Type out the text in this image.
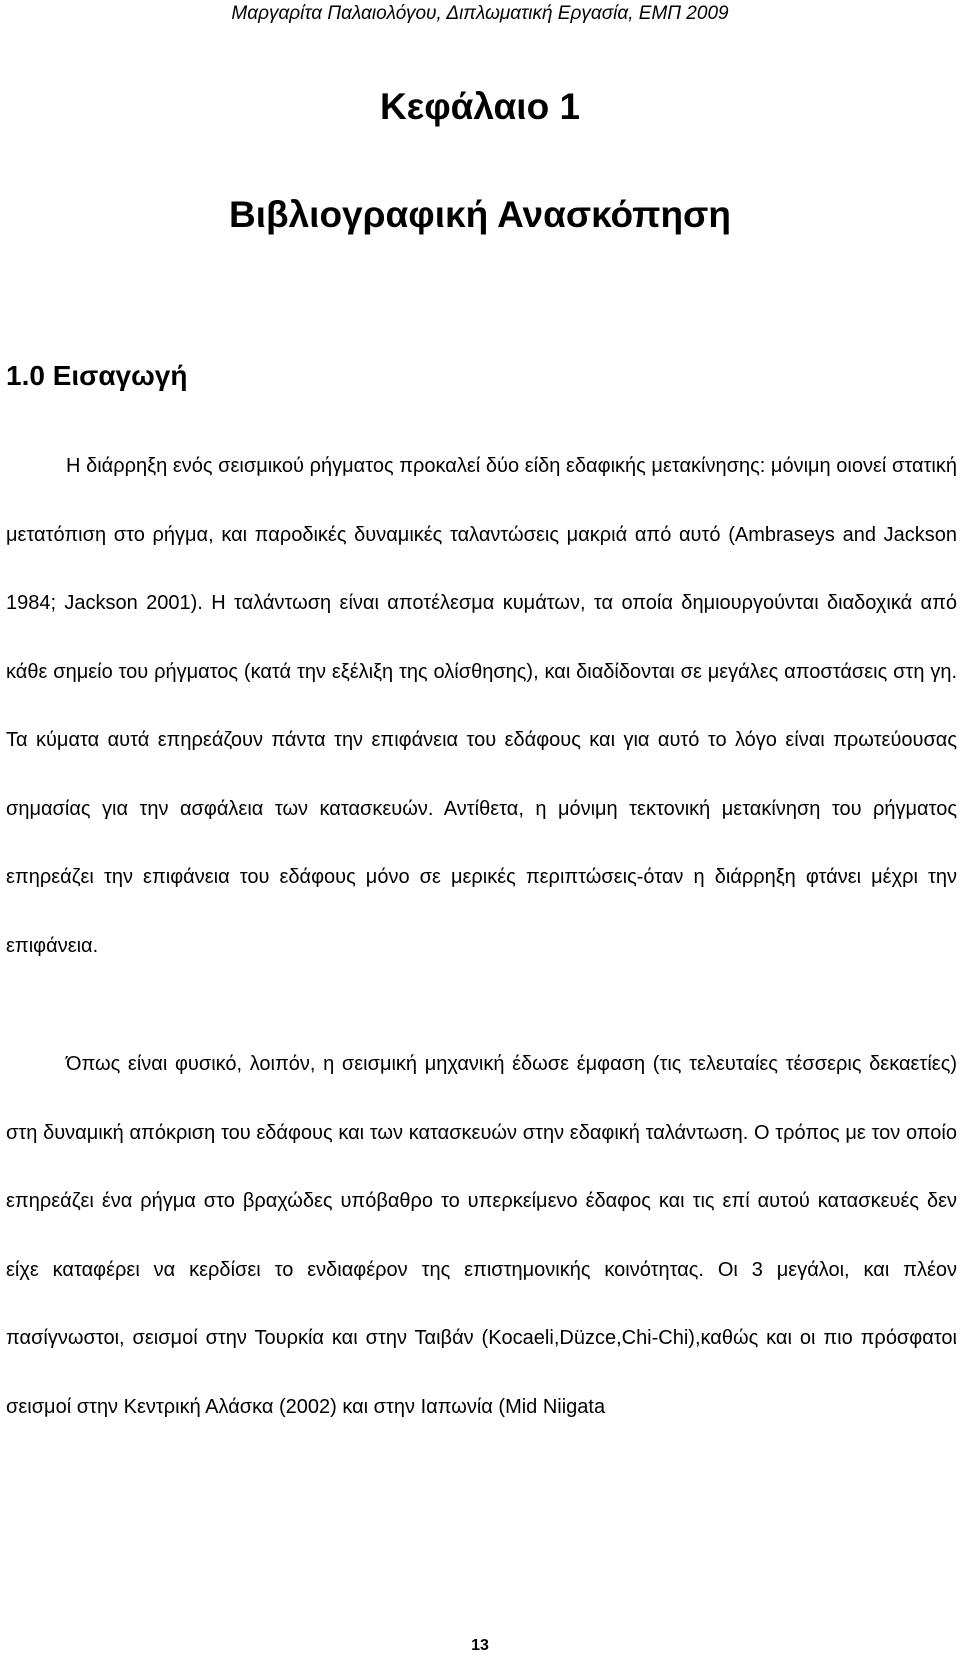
Μαργαρίτα Παλαιολόγου, Διπλωματική Εργασία, ΕΜΠ 2009
Κεφάλαιο 1
Βιβλιογραφική Ανασκόπηση
1.0 Εισαγωγή

Η διάρρηξη ενός σεισμικού ρήγματος προκαλεί δύο είδη εδαφικής μετακίνησης: μόνιμη οιονεί στατική μετατόπιση στο ρήγμα, και παροδικές δυναμικές ταλαντώσεις μακριά από αυτό (Ambraseys and Jackson 1984; Jackson 2001). Η ταλάντωση είναι αποτέλεσμα κυμάτων, τα οποία δημιουργούνται διαδοχικά από κάθε σημείο του ρήγματος (κατά την εξέλιξη της ολίσθησης), και διαδίδονται σε μεγάλες αποστάσεις στη γη. Τα κύματα αυτά επηρεάζουν πάντα την επιφάνεια του εδάφους και για αυτό το λόγο είναι πρωτεύουσας σημασίας για την ασφάλεια των κατασκευών. Αντίθετα, η μόνιμη τεκτονική μετακίνηση του ρήγματος επηρεάζει την επιφάνεια του εδάφους μόνο σε μερικές περιπτώσεις-όταν η διάρρηξη φτάνει μέχρι την επιφάνεια.

Όπως είναι φυσικό, λοιπόν, η σεισμική μηχανική έδωσε έμφαση (τις τελευταίες τέσσερις δεκαετίες) στη δυναμική απόκριση του εδάφους και των κατασκευών στην εδαφική ταλάντωση. Ο τρόπος με τον οποίο επηρεάζει ένα ρήγμα στο βραχώδες υπόβαθρο το υπερκείμενο έδαφος και τις επί αυτού κατασκευές δεν είχε καταφέρει να κερδίσει το ενδιαφέρον της επιστημονικής κοινότητας. Οι 3 μεγάλοι, και πλέον πασίγνωστοι, σεισμοί στην Τουρκία και στην Ταιβάν (Kocaeli,Düzce,Chi-Chi),καθώς και οι πιο πρόσφατοι σεισμοί στην Κεντρική Αλάσκα (2002) και στην Ιαπωνία (Mid Niigata

13
